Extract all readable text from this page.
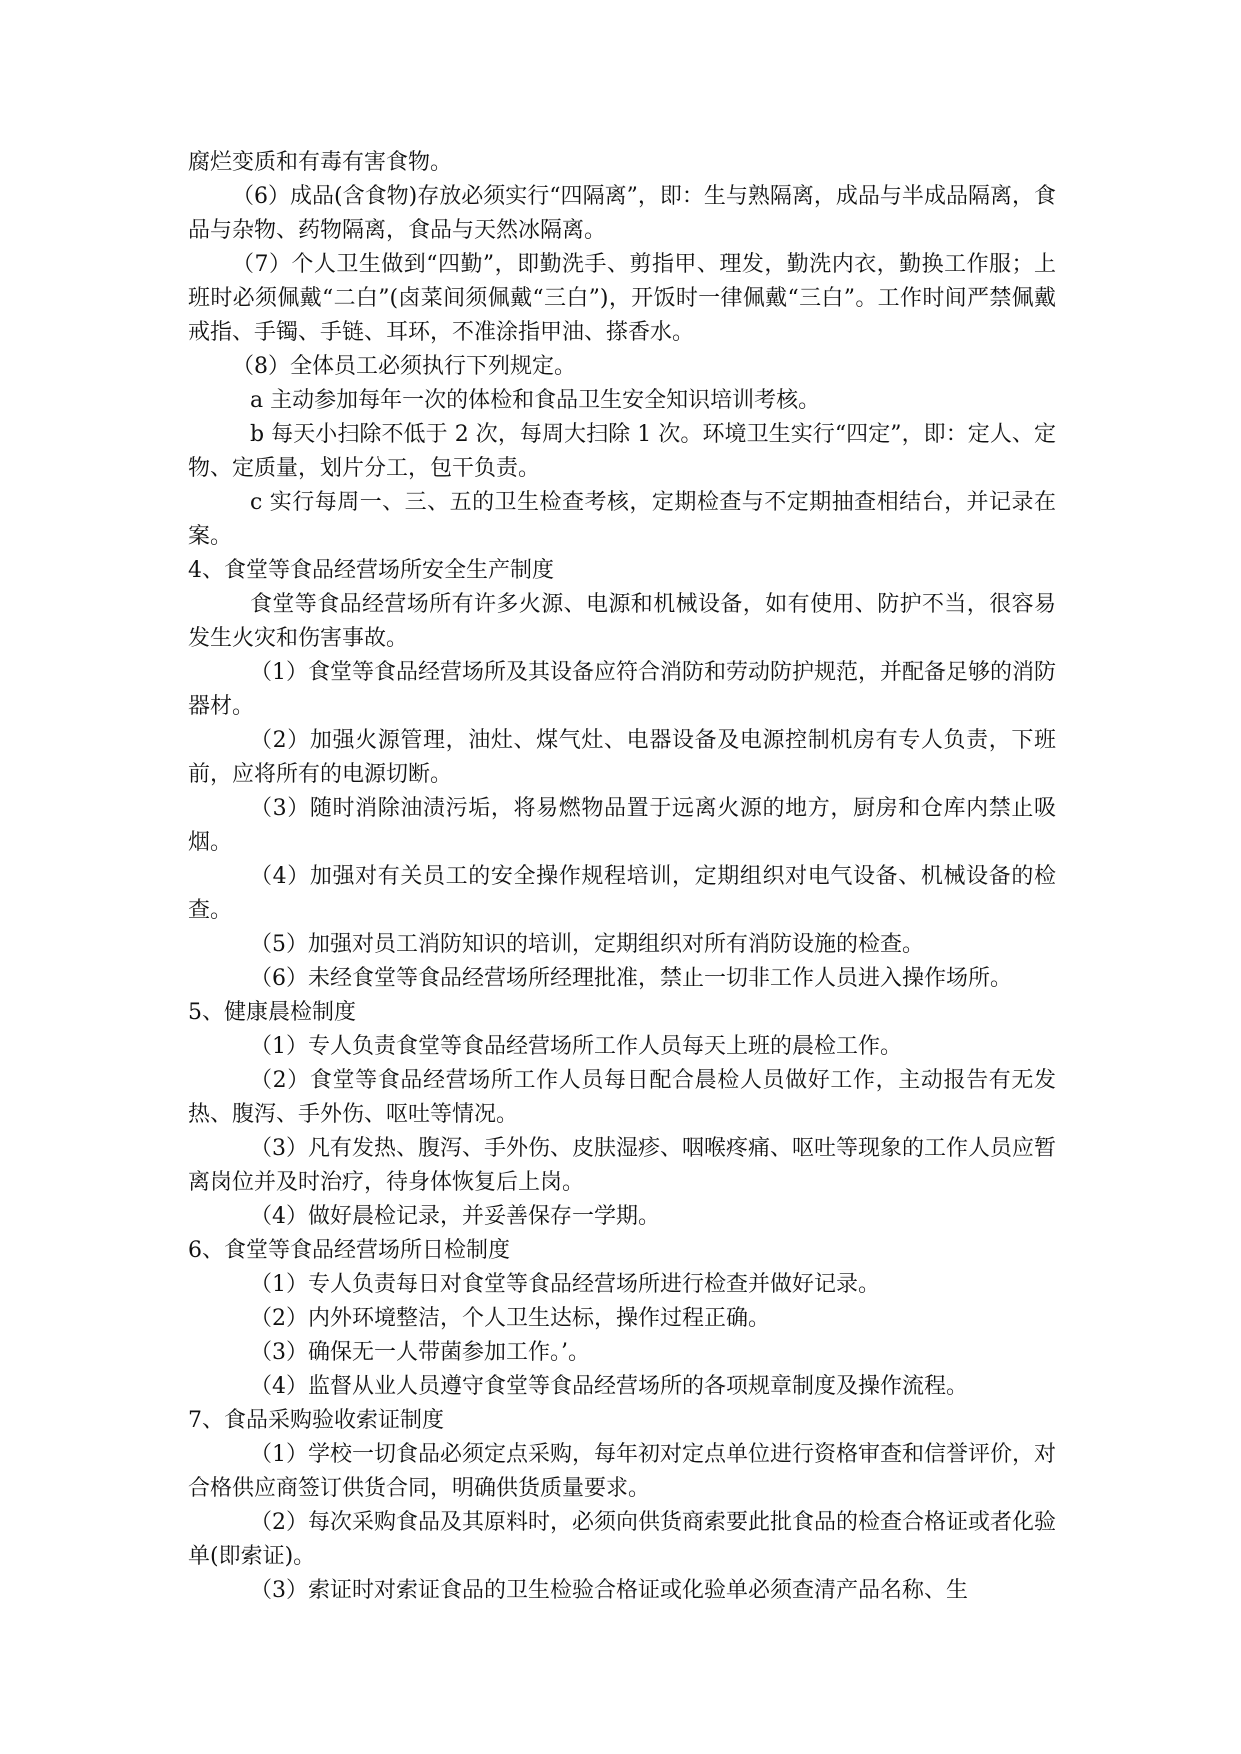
腐烂变质和有毒有害食物。

（6）成品(含食物)存放必须实行“四隔离”，即：生与熟隔离，成品与半成品隔离，食品与杂物、药物隔离，食品与天然冰隔离。

（7）个人卫生做到“四勤”，即勤洗手、剪指甲、理发，勤洗内衣，勤换工作服；上班时必须佩戴“二白”(卤菜间须佩戴“三白”)，开饭时一律佩戴“三白”。工作时间严禁佩戴戒指、手镯、手链、耳环，不准涂指甲油、搽香水。

（8）全体员工必须执行下列规定。

a 主动参加每年一次的体检和食品卫生安全知识培训考核。

b 每天小扫除不低于 2 次，每周大扫除 1 次。环境卫生实行“四定”，即：定人、定物、定质量，划片分工，包干负责。

c 实行每周一、三、五的卫生检查考核，定期检查与不定期抽查相结台，并记录在案。

4、食堂等食品经营场所安全生产制度

食堂等食品经营场所有许多火源、电源和机械设备，如有使用、防护不当，很容易发生火灾和伤害事故。

（1）食堂等食品经营场所及其设备应符合消防和劳动防护规范，并配备足够的消防器材。

（2）加强火源管理，油灶、煤气灶、电器设备及电源控制机房有专人负责，下班前，应将所有的电源切断。

（3）随时消除油渍污垢，将易燃物品置于远离火源的地方，厨房和仓库内禁止吸烟。

（4）加强对有关员工的安全操作规程培训，定期组织对电气设备、机械设备的检查。

（5）加强对员工消防知识的培训，定期组织对所有消防设施的检查。

（6）未经食堂等食品经营场所经理批准，禁止一切非工作人员进入操作场所。

5、健康晨检制度

（1）专人负责食堂等食品经营场所工作人员每天上班的晨检工作。

（2）食堂等食品经营场所工作人员每日配合晨检人员做好工作，主动报告有无发热、腹泻、手外伤、呕吐等情况。

（3）凡有发热、腹泻、手外伤、皮肤湿疹、咽喉疼痛、呕吐等现象的工作人员应暂离岗位并及时治疗，待身体恢复后上岗。

（4）做好晨检记录，并妥善保存一学期。

6、食堂等食品经营场所日检制度

（1）专人负责每日对食堂等食品经营场所进行检查并做好记录。

（2）内外环境整洁，个人卫生达标，操作过程正确。

（3）确保无一人带菌参加工作。’。

（4）监督从业人员遵守食堂等食品经营场所的各项规章制度及操作流程。

7、食品采购验收索证制度

（1）学校一切食品必须定点采购，每年初对定点单位进行资格审查和信誉评价，对合格供应商签订供货合同，明确供货质量要求。

（2）每次采购食品及其原料时，必须向供货商索要此批食品的检查合格证或者化验单(即索证)。

（3）索证时对索证食品的卫生检验合格证或化验单必须查清产品名称、生
